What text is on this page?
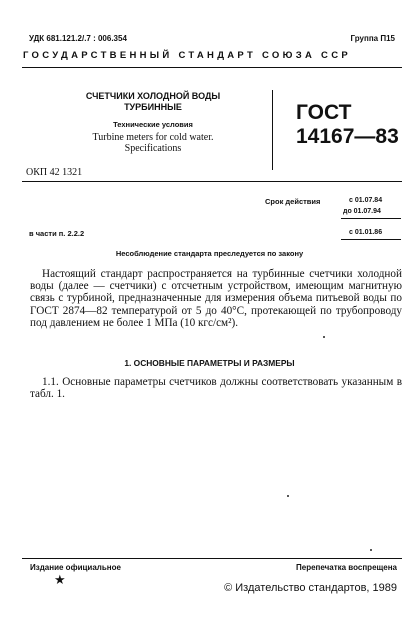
УДК 681.121.2/.7 : 006.354	Группа П15
ГОСУДАРСТВЕННЫЙ СТАНДАРТ СОЮЗА ССР
СЧЕТЧИКИ ХОЛОДНОЙ ВОДЫ
ТУРБИННЫЕ
Технические условия
Turbine meters for cold water.
Specifications
ГОСТ
14167—83
ОКП 42 1321
Срок действия	с 01.07.84
до 01.07.94
в части п. 2.2.2	с 01.01.86
Несоблюдение стандарта преследуется по закону
Настоящий стандарт распространяется на турбинные счетчики холодной воды (далее — счетчики) с отсчетным устройством, имеющим магнитную связь с турбиной, предназначенные для измерения объема питьевой воды по ГОСТ 2874—82 температурой от 5 до 40°С, протекающей по трубопроводу под давлением не более 1 МПа (10 кгс/см²).
1. ОСНОВНЫЕ ПАРАМЕТРЫ И РАЗМЕРЫ
1.1. Основные параметры счетчиков должны соответствовать указанным в табл. 1.
Издание официальное
★
Перепечатка воспрещена
© Издательство стандартов, 1989
